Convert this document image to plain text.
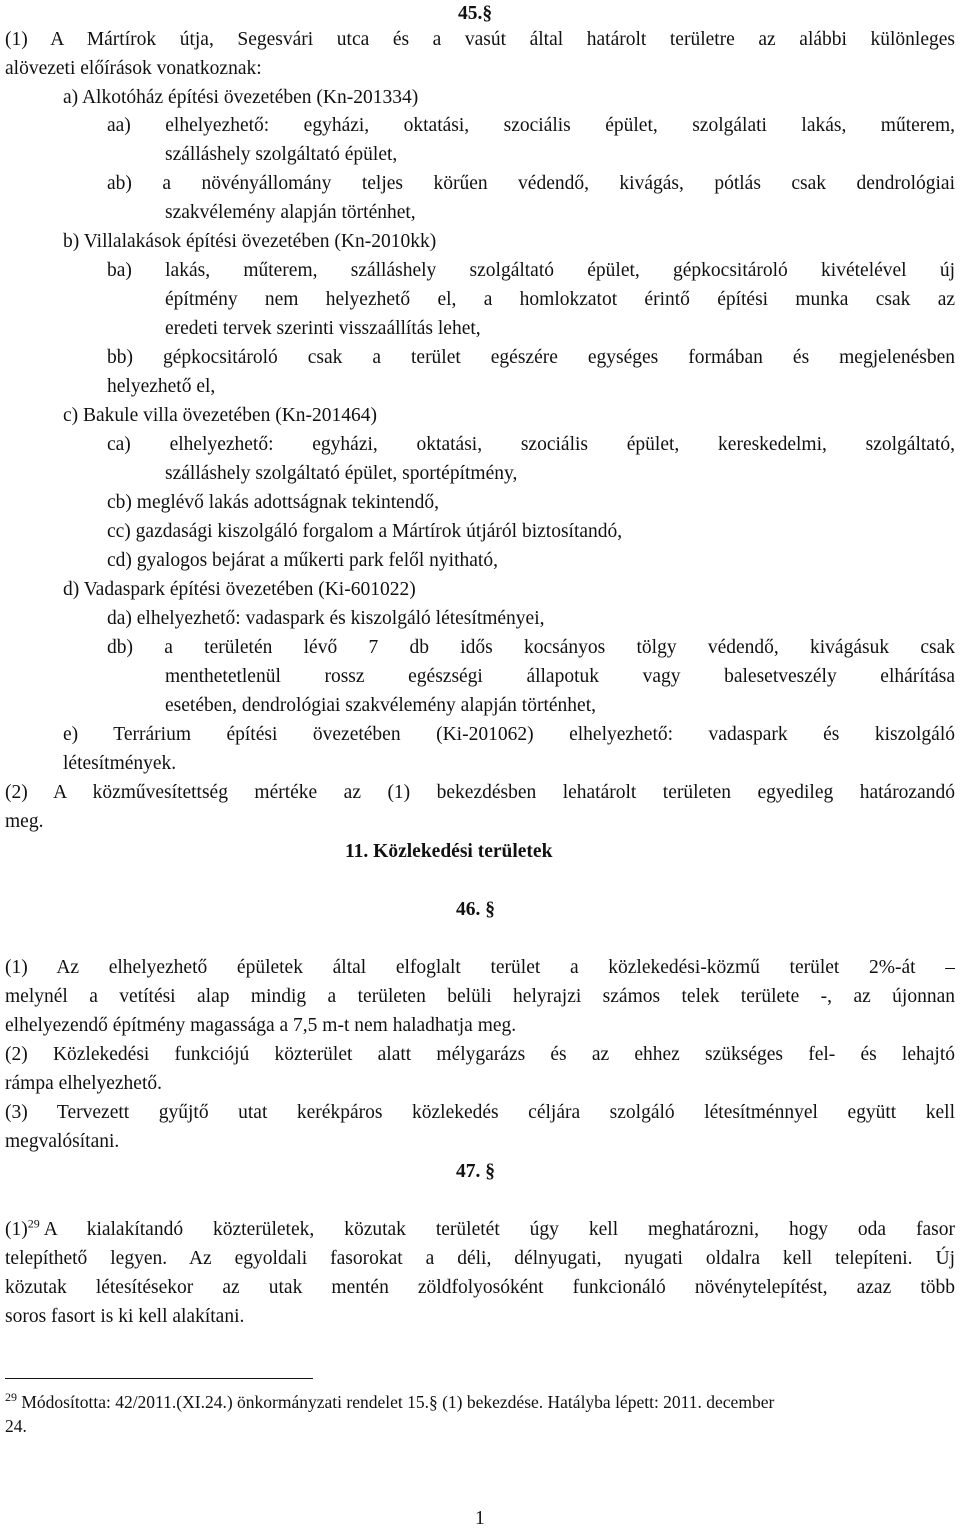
45.§
(1) A Mártírok útja, Segesvári utca és a vasút által határolt területre az alábbi különleges
alövezeti előírások vonatkoznak:
a) Alkotóház építési övezetében (Kn-201334)
aa) elhelyezhető: egyházi, oktatási, szociális épület, szolgálati lakás, műterem,
szálláshely szolgáltató épület,
ab) a növényállomány teljes körűen védendő, kivágás, pótlás csak dendrológiai
szakvélemény alapján történhet,
b) Villalakások építési övezetében (Kn-2010kk)
ba) lakás, műterem, szálláshely szolgáltató épület, gépkocsitároló kivételével új
építmény nem helyezhető el, a homlokzatot érintő építési munka csak az
eredeti tervek szerinti visszaállítás lehet,
bb) gépkocsitároló csak a terület egészére egységes formában és megjelenésben
helyezhető el,
c) Bakule villa övezetében (Kn-201464)
ca) elhelyezhető: egyházi, oktatási, szociális épület, kereskedelmi, szolgáltató,
szálláshely szolgáltató épület, sportépítmény,
cb) meglévő lakás adottságnak tekintendő,
cc) gazdasági kiszolgáló forgalom a Mártírok útjáról biztosítandó,
cd) gyalogos bejárat a műkerti park felől nyitható,
d) Vadaspark építési övezetében (Ki-601022)
da) elhelyezhető: vadaspark és kiszolgáló létesítményei,
db) a területén lévő 7 db idős kocsányos tölgy védendő, kivágásuk csak
menthetetlenül rossz egészségi állapotuk vagy balesetveszély elhárítása
esetében, dendrológiai szakvélemény alapján történhet,
e) Terrárium építési övezetében (Ki-201062) elhelyezhető: vadaspark és kiszolgáló
létesítmények.
(2) A közművesítettség mértéke az (1) bekezdésben lehatárolt területen egyedileg határozandó
meg.
11. Közlekedési területek
46. §
(1) Az elhelyezhető épületek által elfoglalt terület a közlekedési-közmű terület 2%-át –
melynél a vetítési alap mindig a területen belüli helyrajzi számos telek területe -, az újonnan
elhelyezendő építmény magassága a 7,5 m-t nem haladhatja meg.
(2) Közlekedési funkciójú közterület alatt mélygarázs és az ehhez szükséges fel- és lehajtó
rámpa elhelyezhető.
(3) Tervezett gyűjtő utat kerékpáros közlekedés céljára szolgáló létesítménnyel együtt kell
megvalósítani.
47. §
$(1)^{29}$ A kialakítandó közterületek, közutak területét úgy kell meghatározni, hogy oda fasor
telepíthető legyen. Az egyoldali fasorokat a déli, délnyugati, nyugati oldalra kell telepíteni. Új
közutak létesítésekor az utak mentén zöldfolyosóként funkcionáló növénytelepítést, azaz több
soros fasort is ki kell alakítani.
$^{29}$ Módosította: 42/2011.(XI.24.) önkormányzati rendelet 15.§ (1) bekezdése. Hatályba lépett: 2011. december
24.
1
